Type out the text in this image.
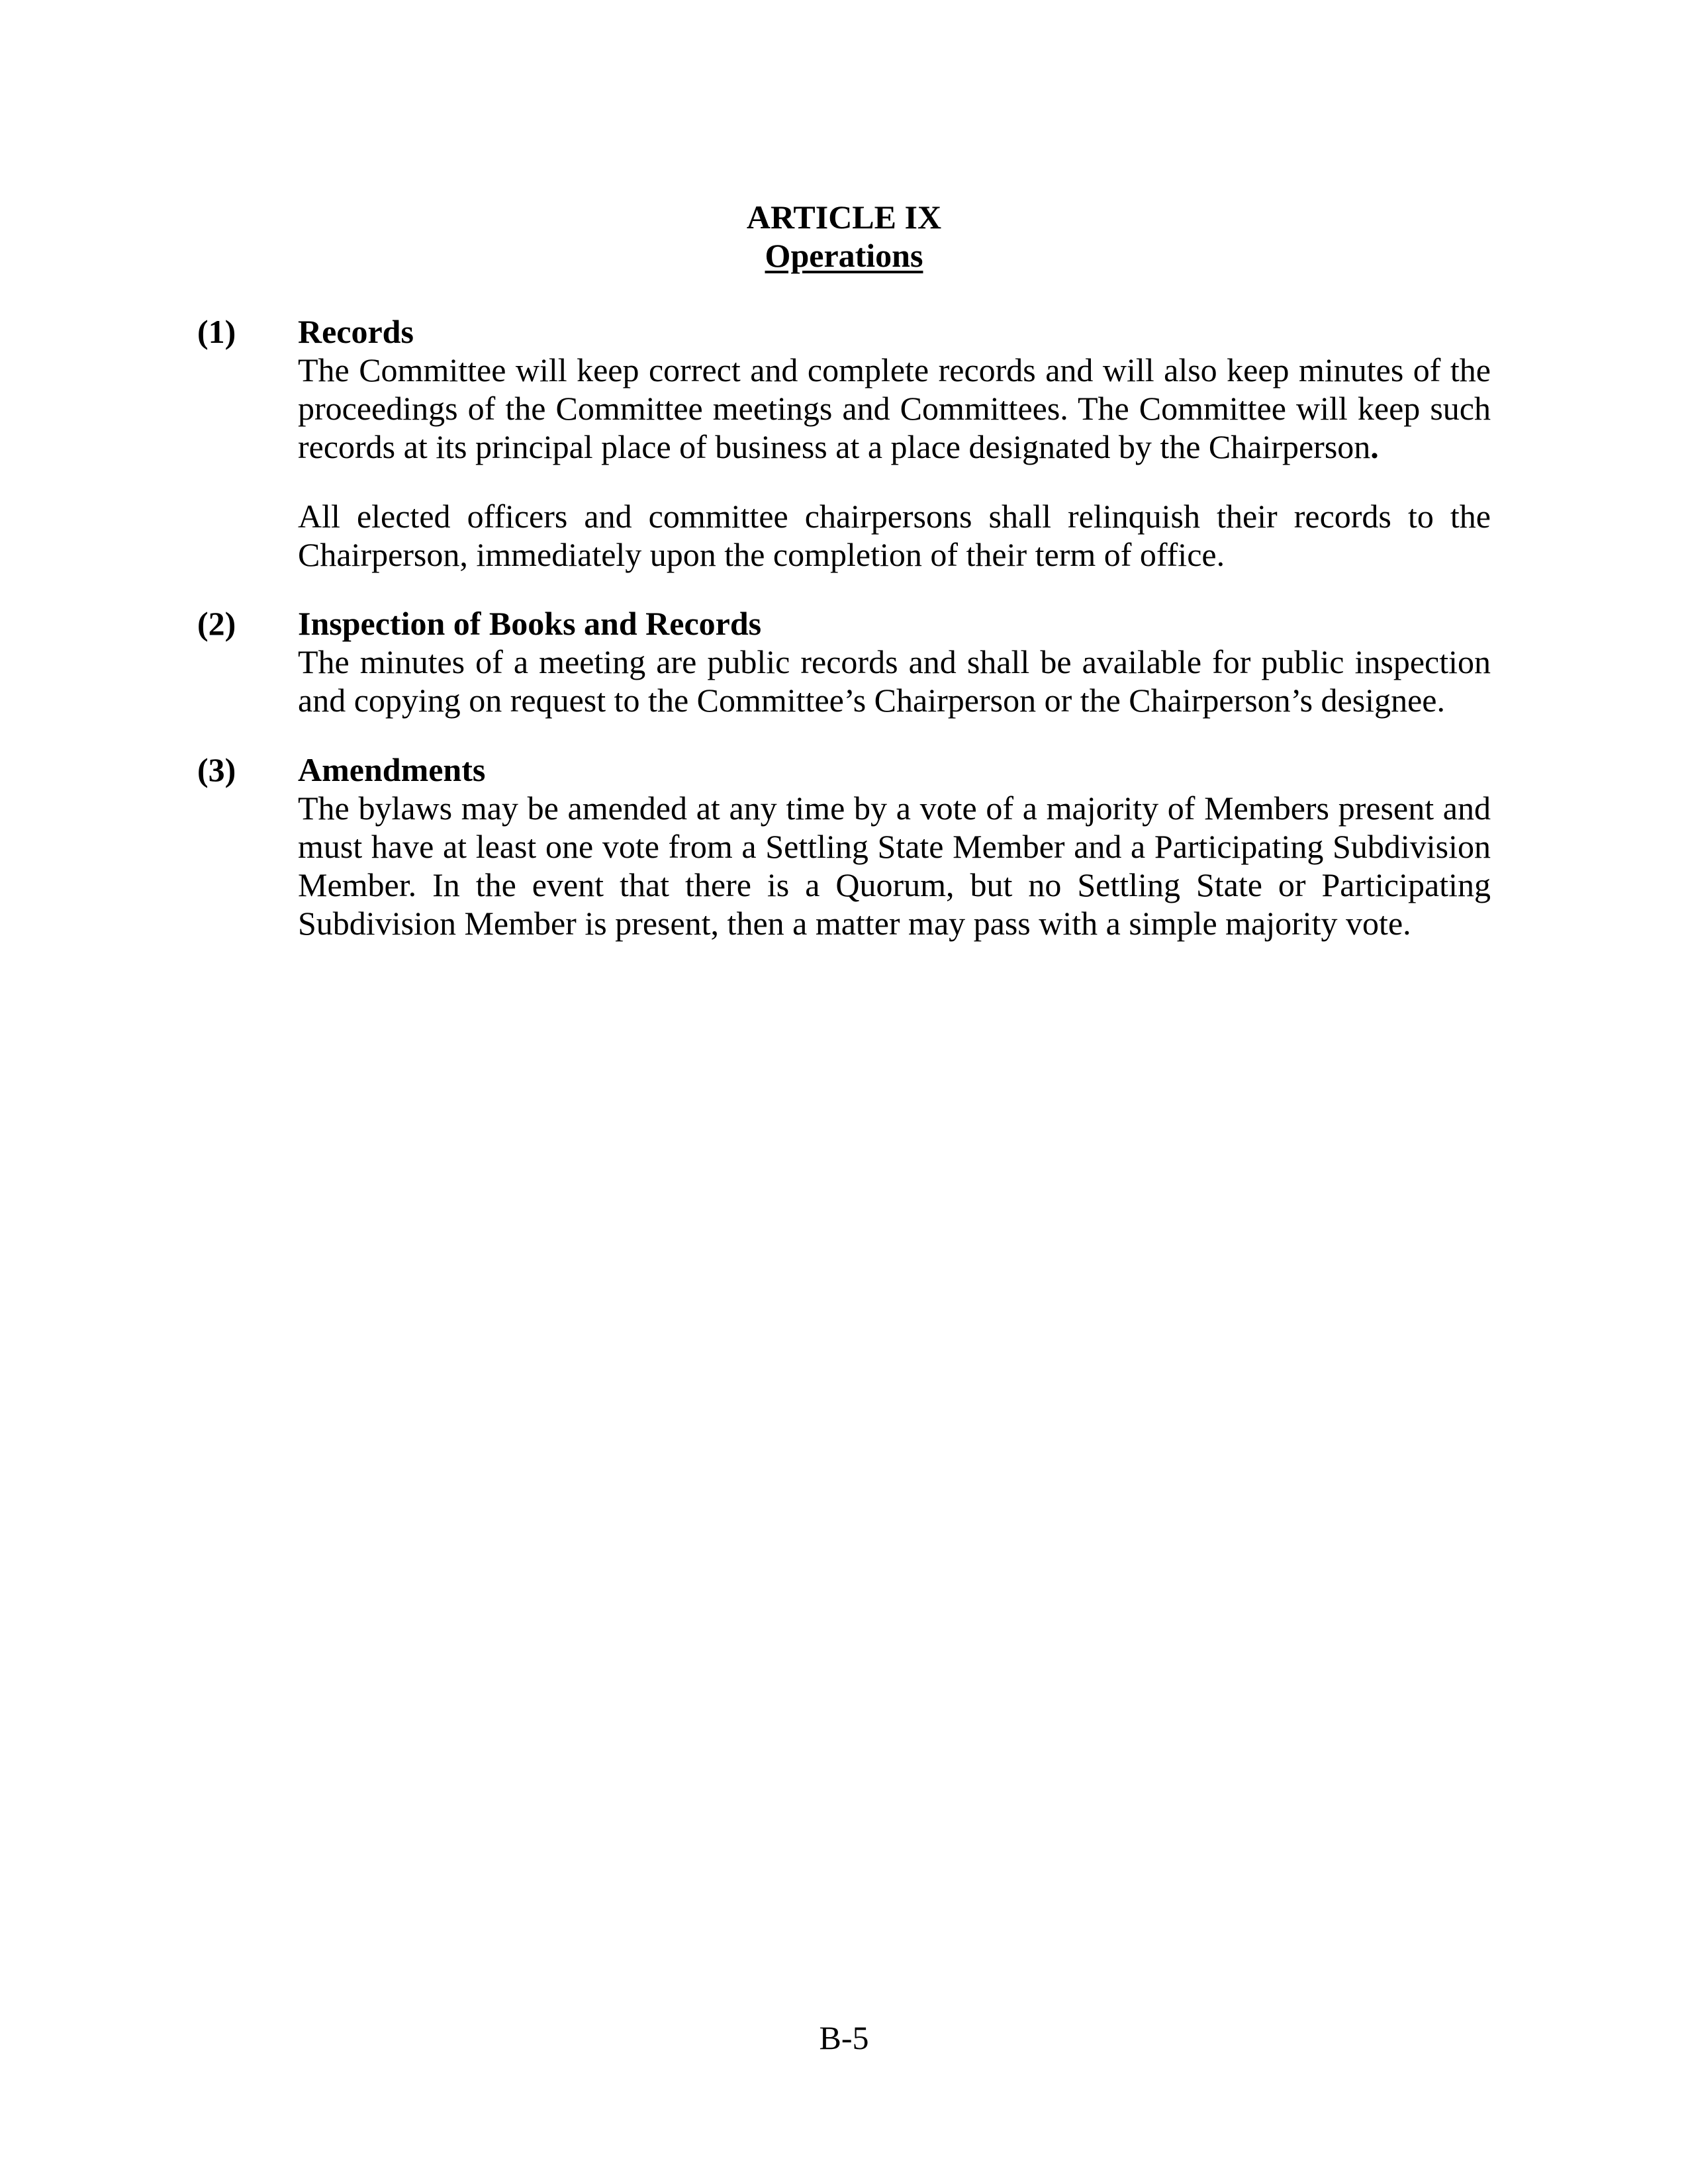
ARTICLE IX
Operations
(1) Records
The Committee will keep correct and complete records and will also keep minutes of the
proceedings of the Committee meetings and Committees. The Committee will keep such
records at its principal place of business at a place designated by the Chairperson.
All elected officers and committee chairpersons shall relinquish their records to the
Chairperson, immediately upon the completion of their term of office.
(2) Inspection of Books and Records
The minutes of a meeting are public records and shall be available for public inspection
and copying on request to the Committee’s Chairperson or the Chairperson’s designee.
(3) Amendments
The bylaws may be amended at any time by a vote of a majority of Members present and
must have at least one vote from a Settling State Member and a Participating Subdivision
Member. In the event that there is a Quorum, but no Settling State or Participating
Subdivision Member is present, then a matter may pass with a simple majority vote.
B-5
